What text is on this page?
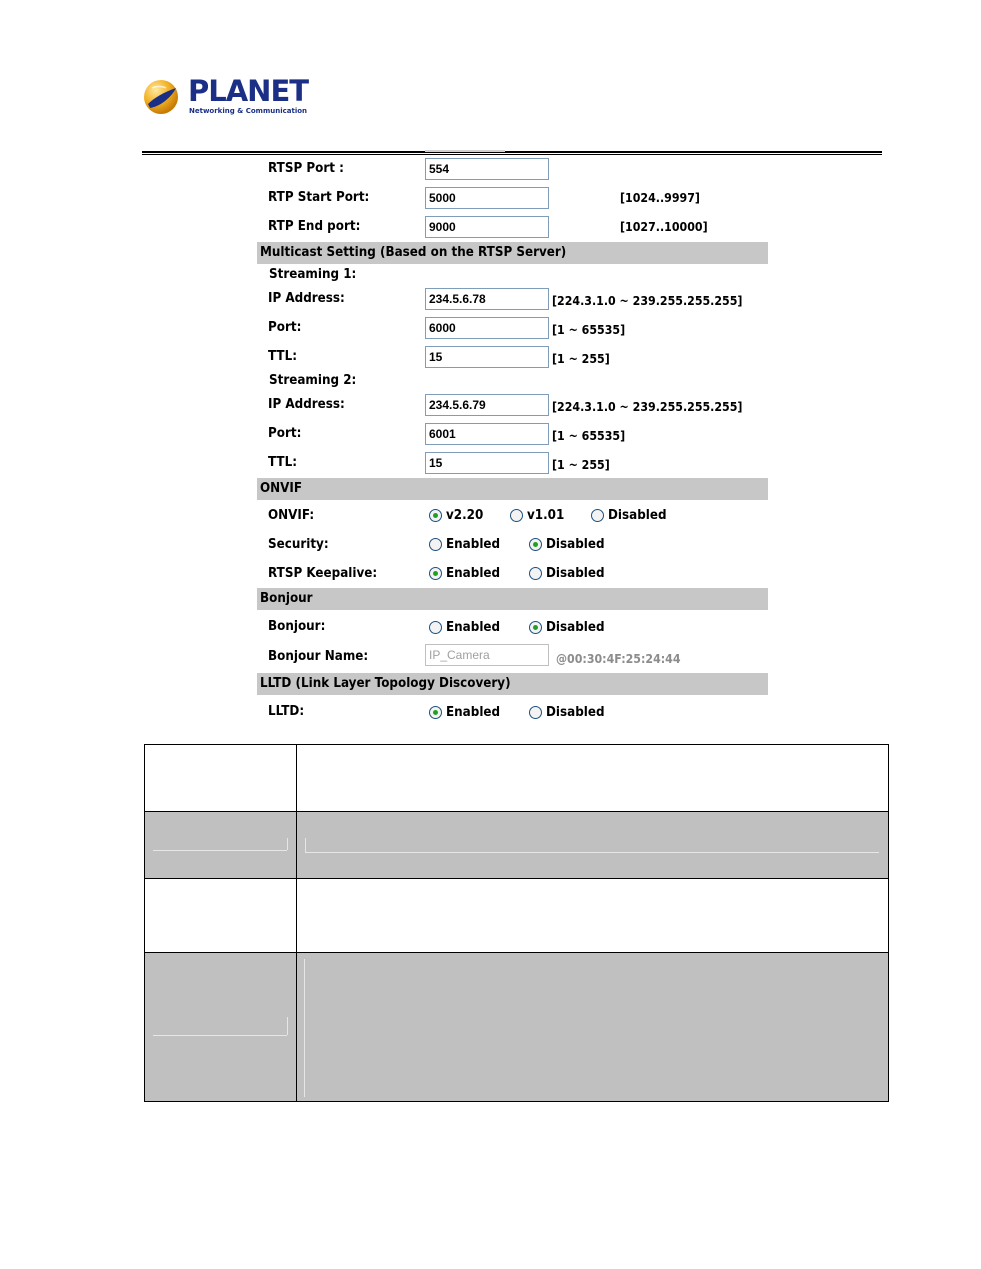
PLANET
Networking & Communication
RTSP Port :
554
RTP Start Port:
5000	[1024..9997]
RTP End port:
9000	[1027..10000]
Multicast Setting (Based on the RTSP Server)
Streaming 1:
IP Address:
234.5.6.78	[224.3.1.0 ~ 239.255.255.255]
Port:
6000	[1 ~ 65535]
TTL:
15	[1 ~ 255]
Streaming 2:
IP Address:
234.5.6.79	[224.3.1.0 ~ 239.255.255.255]
Port:
6001	[1 ~ 65535]
TTL:
15	[1 ~ 255]
ONVIF
ONVIF:	v2.20	v1.01	Disabled
Security:	Enabled	Disabled
RTSP Keepalive:	Enabled	Disabled
Bonjour
Bonjour:	Enabled	Disabled
Bonjour Name:
IP_Camera	@00:30:4F:25:24:44
LLTD (Link Layer Topology Discovery)
LLTD:	Enabled	Disabled
